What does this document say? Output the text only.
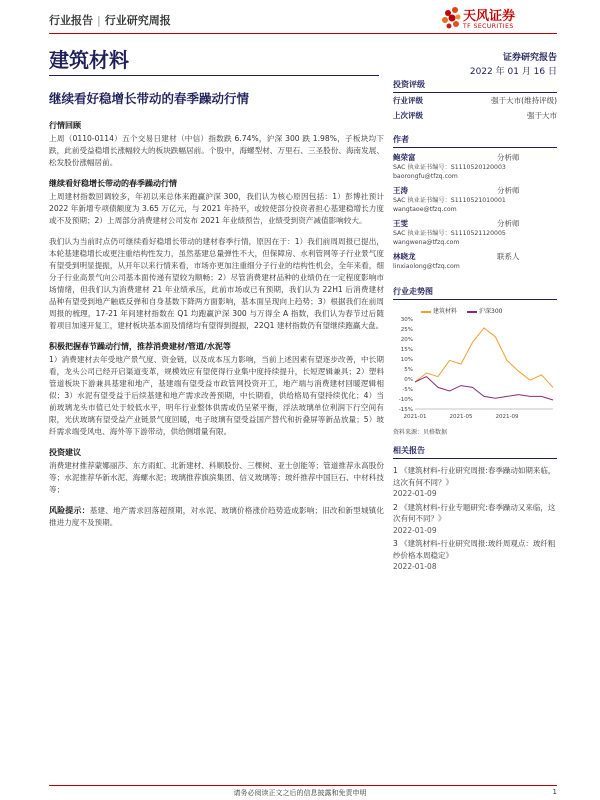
行业报告 | 行业研究周报	天风证券
TF SECURITIES
建筑材料	证券研究报告
2022 年 01 月 16 日
继续看好稳增长带动的春季躁动行情
行情回顾
上周（0110-0114）五个交易日建材（中信）指数跌 6.74%，沪深 300 跌 1.98%，子板块均下跌，此前受益稳增长涨幅较大的板块跌幅居前。个股中，海螺型材、万里石、三圣股份、海南发展、松发股份涨幅居前。
继续看好稳增长带动的春季躁动行情
上周建材指数回调较多，年初以来总体来跑赢沪深 300，我们认为核心原因包括：1）彭博社预计 2022 年新增专项债额度为 3.65 万亿元，与 2021 年持平，或较使部分投资者担心基建稳增长力度或不及预期；2）上周部分消费建材公司发布 2021 年业绩预告，业绩受到资产减值影响较大。
我们认为当前时点仍可继续看好稳增长带动的建材春季行情，原因在于：1）我们前周周报已提出，本轮基建稳增长或更注重结构性发力，虽然基建总量弹性不大，但保障房、水利管网等子行业景气度有望受到明显提振，从开年以来行情来看，市场亦更加注重细分子行业的结构性机会，全年来看，细分子行业高景气向公司基本面传递有望较为顺畅；2）尽管消费建材品种的业绩仍在一定程度影响市场情绪，但我们认为消费建材 21 年业绩承压，此前市场或已有预期，我们认为 22H1 后消费建材品种有望受到地产触底反弹和自身基数下降两方面影响，基本面呈现向上趋势；3）根据我们在前周周报的梳理，17-21 年间建材指数在 Q1 均跑赢沪深 300 与万得全 A 指数，我们认为春节过后随着项目加速开复工，建材板块基本面及情绪均有望得到提振，22Q1 建材指数仍有望继续跑赢大盘。
积极把握春节躁动行情，推荐消费建材/管道/水泥等
1）消费建材去年受地产景气度、资金链，以及成本压力影响，当前上述因素有望逐步改善，中长期看，龙头公司已经开启渠道变革，规模效应有望使得行业集中度持续提升，长短逻辑兼具；2）塑料管道板块下游兼具基建和地产，基建端有望受益市政管网投资开工，地产端与消费建材回暖逻辑相似；3）水泥有望受益于后续基建和地产需求改善预期，中长期看，供给格局有望持续优化；4）当前玻璃龙头市值已处于较低水平，明年行业整体供需或仍呈紧平衡，浮法玻璃单位利润下行空间有限，光伏玻璃有望受益产业链景气度回暖，电子玻璃有望受益国产替代和折叠屏等新品放量；5）玻纤需求端受风电、海外等下游带动，供给侧增量有限。
投资建议
消费建材推荐蒙娜丽莎、东方雨虹、北新建材、科顺股份、三棵树、亚士创能等；管道推荐永高股份等；水泥推荐华新水泥、海螺水泥；玻璃推荐旗滨集团、信义玻璃等；玻纤推荐中国巨石、中材科技等；
风险提示：基建、地产需求回落超预期，对水泥、玻璃价格涨价趋势造成影响；旧改和新型城镇化推进力度不及预期。
投资评级
行业评级	强于大市(维持评级)
上次评级	强于大市
作者
鲍荣富	分析师
SAC 执业证书编号：S1110520120003
baorongfu@tfzq.com
王涛	分析师
SAC 执业证书编号：S1110521010001
wangtaoe@tfzq.com
王雯	分析师
SAC 执业证书编号：S1110521120005
wangwena@tfzq.com
林晓龙	联系人
linxiaolong@tfzq.com
行业走势图
建筑材料	沪深300
30%
25%
20%
15%
10%
5%
0%
-5%
-10%
-15%
2021-01	2021-05	2021-09
资料来源：贝格数据
相关报告
1 《建筑材料-行业研究周报:春季躁动如期来临，这次有何不同？》
2022-01-09
2 《建筑材料-行业专题研究:春季躁动又来临，这次有何不同？》
2022-01-09
3 《建筑材料-行业研究周报:玻纤周观点：玻纤粗纱价格本周稳定》
2022-01-08
请务必阅读正文之后的信息披露和免责申明	1
